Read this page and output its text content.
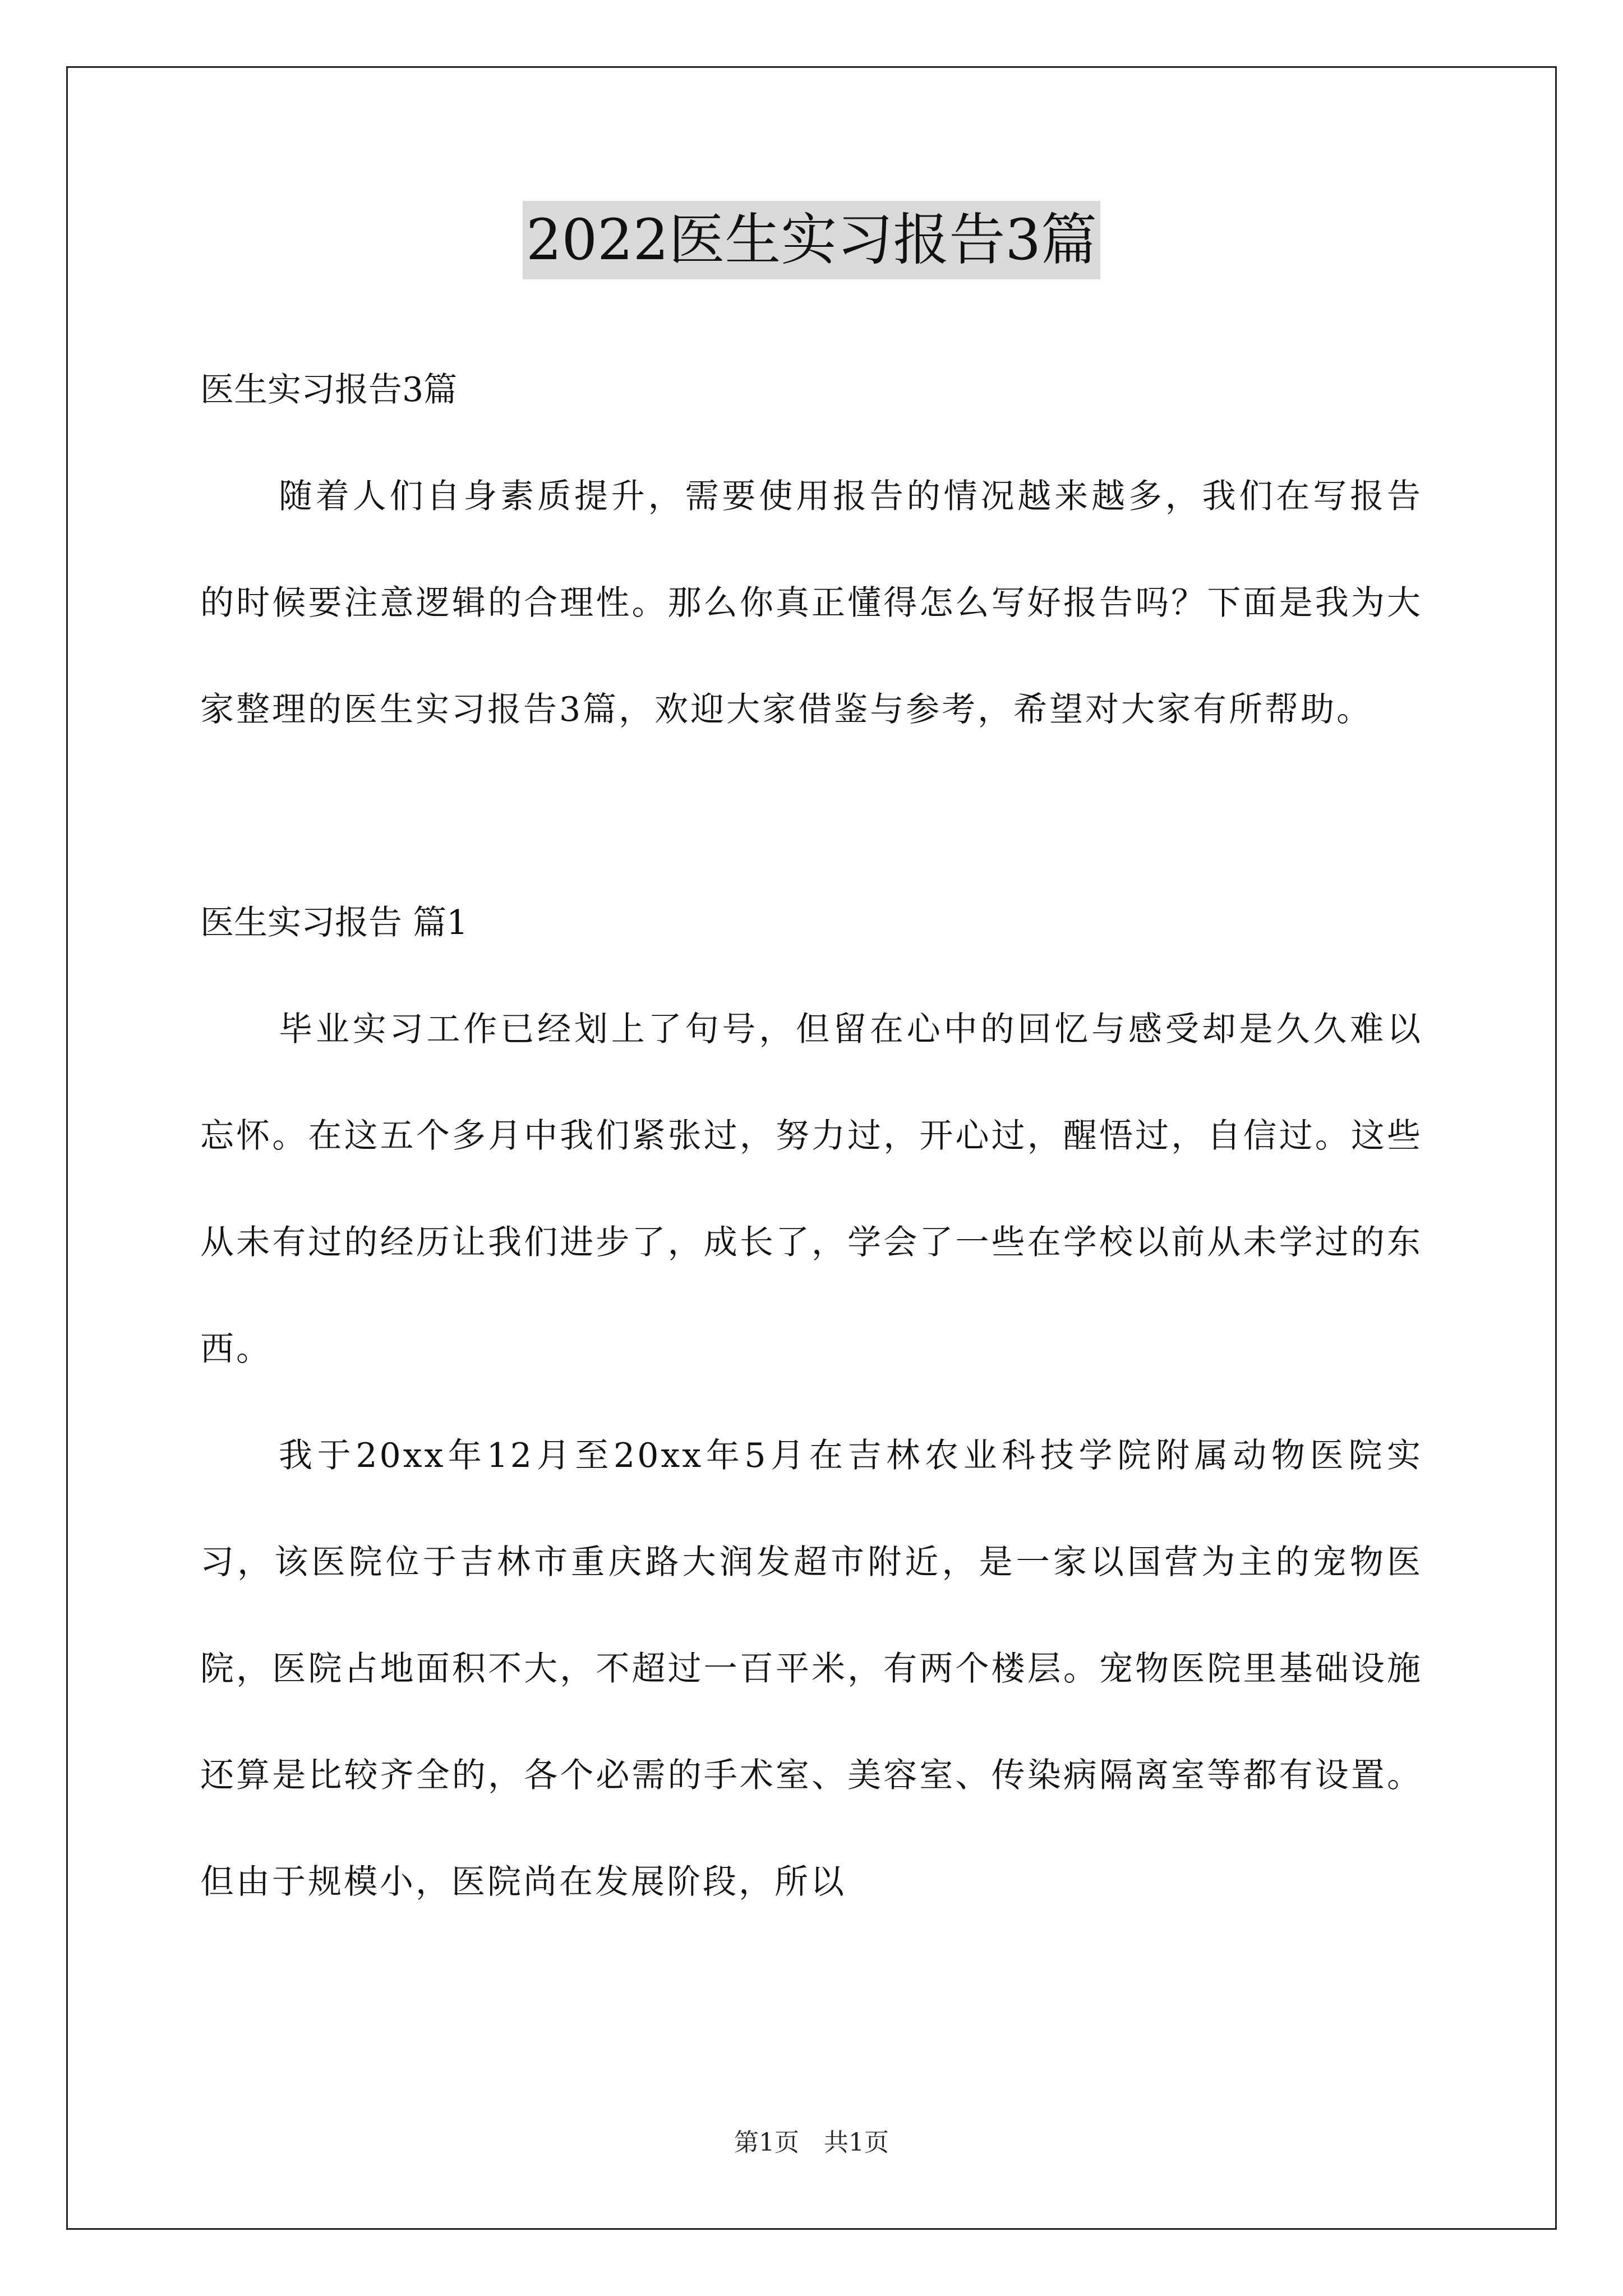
2022医生实习报告3篇

医生实习报告3篇

随着人们自身素质提升，需要使用报告的情况越来越多，我们在写报告的时候要注意逻辑的合理性。那么你真正懂得怎么写好报告吗？下面是我为大家整理的医生实习报告3篇，欢迎大家借鉴与参考，希望对大家有所帮助。

医生实习报告 篇1

毕业实习工作已经划上了句号，但留在心中的回忆与感受却是久久难以忘怀。在这五个多月中我们紧张过，努力过，开心过，醒悟过，自信过。这些从未有过的经历让我们进步了，成长了，学会了一些在学校以前从未学过的东西。

我于20xx年12月至20xx年5月在吉林农业科技学院附属动物医院实习，该医院位于吉林市重庆路大润发超市附近，是一家以国营为主的宠物医院，医院占地面积不大，不超过一百平米，有两个楼层。宠物医院里基础设施还算是比较齐全的，各个必需的手术室、美容室、传染病隔离室等都有设置。但由于规模小，医院尚在发展阶段，所以

第1页 共1页
